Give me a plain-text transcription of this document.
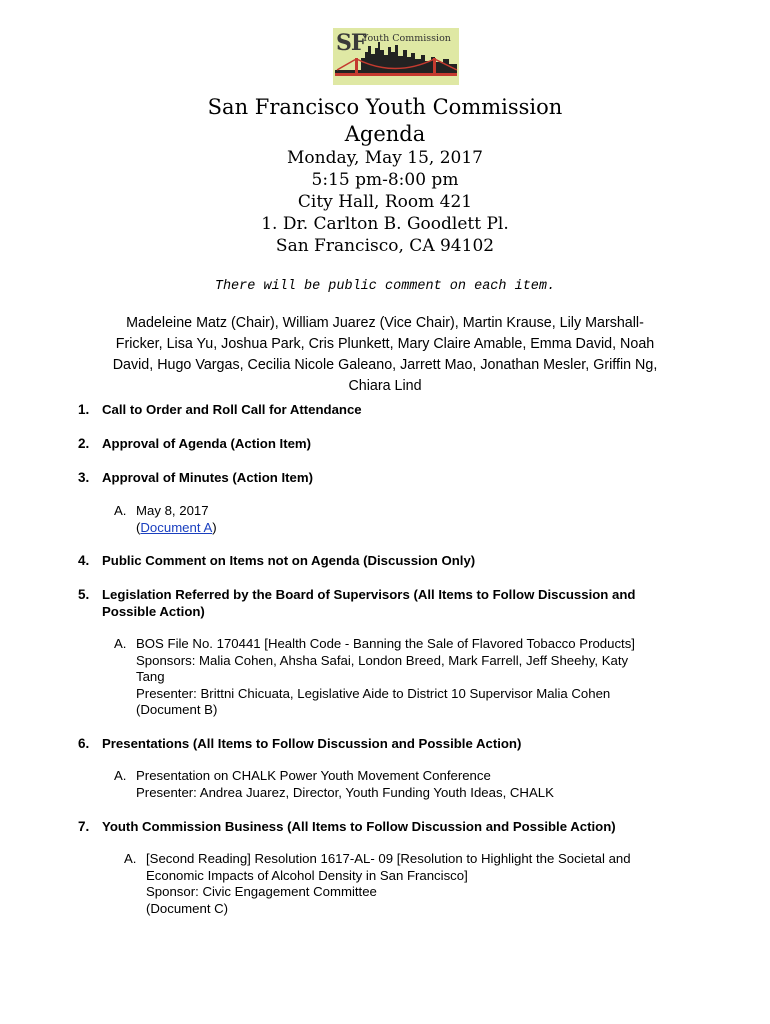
SF
Youth Commission
San Francisco Youth Commission
Agenda
Monday, May 15, 2017
5:15 pm-8:00 pm
City Hall, Room 421
1. Dr. Carlton B. Goodlett Pl.
San Francisco, CA 94102
There will be public comment on each item.
Madeleine Matz (Chair), William Juarez (Vice Chair), Martin Krause, Lily Marshall-
Fricker, Lisa Yu, Joshua Park, Cris Plunkett, Mary Claire Amable, Emma David, Noah
David, Hugo Vargas, Cecilia Nicole Galeano, Jarrett Mao, Jonathan Mesler, Griffin Ng,
Chiara Lind
1. Call to Order and Roll Call for Attendance
2. Approval of Agenda (Action Item)
3. Approval of Minutes (Action Item)
A. May 8, 2017
(Document A)
4. Public Comment on Items not on Agenda (Discussion Only)
5. Legislation Referred by the Board of Supervisors (All Items to Follow Discussion and
Possible Action)
A. BOS File No. 170441 [Health Code - Banning the Sale of Flavored Tobacco Products]
Sponsors: Malia Cohen, Ahsha Safai, London Breed, Mark Farrell, Jeff Sheehy, Katy
Tang
Presenter: Brittni Chicuata, Legislative Aide to District 10 Supervisor Malia Cohen
(Document B)
6. Presentations (All Items to Follow Discussion and Possible Action)
A. Presentation on CHALK Power Youth Movement Conference
Presenter: Andrea Juarez, Director, Youth Funding Youth Ideas, CHALK
7. Youth Commission Business (All Items to Follow Discussion and Possible Action)
A. [Second Reading] Resolution 1617-AL- 09 [Resolution to Highlight the Societal and
Economic Impacts of Alcohol Density in San Francisco]
Sponsor: Civic Engagement Committee
(Document C)
